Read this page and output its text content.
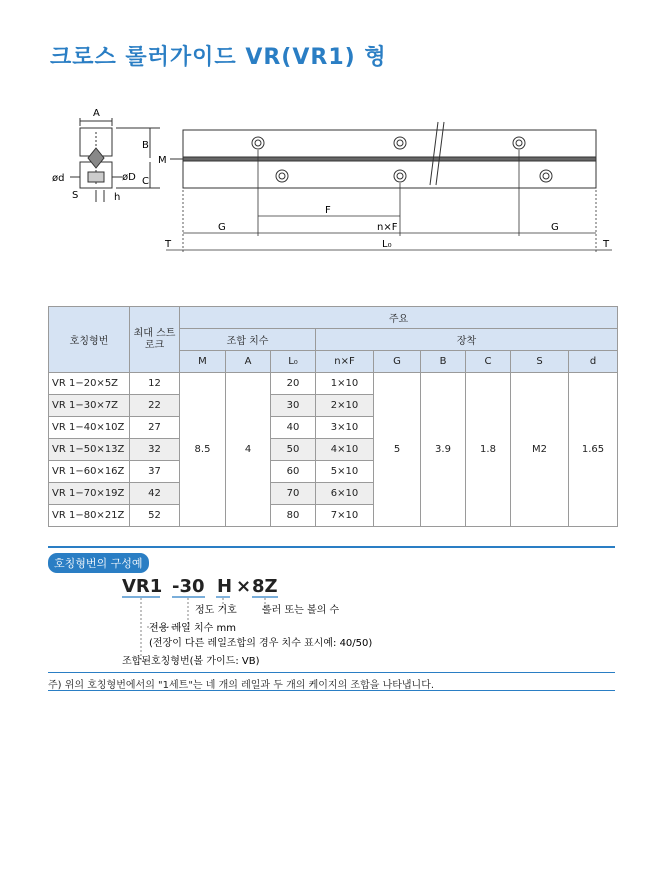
크로스 롤러가이드 VR(VR1) 형
A
B
C
M
ød	øD
S	h
F
G	n×F	G
L₀
T	T
호칭형번	최대 스트로크	주요								
		조합 치수			장착					
		M	A	L₀	n×F	G	B	C	S	d
VR 1−20×5Z	12	8.5	4	20	1×10	5	3.9	1.8	M2	1.65
VR 1−30×7Z	22			30	2×10					
VR 1−40×10Z	27			40	3×10					
VR 1−50×13Z	32			50	4×10					
VR 1−60×16Z	37			60	5×10					
VR 1−70×19Z	42			70	6×10					
VR 1−80×21Z	52			80	7×10					
호칭형번의 구성예
VR1 -30 H × 8Z
정도 기호	롤러 또는 볼의 수
전용 레일 치수 mm
(전장이 다른 레일조합의 경우 치수 표시예: 40/50)
조합된호칭형번(볼 가이드: VB)
주) 위의 호칭형번에서의 "1세트"는 네 개의 레일과 두 개의 케이지의 조합을 나타냅니다.
